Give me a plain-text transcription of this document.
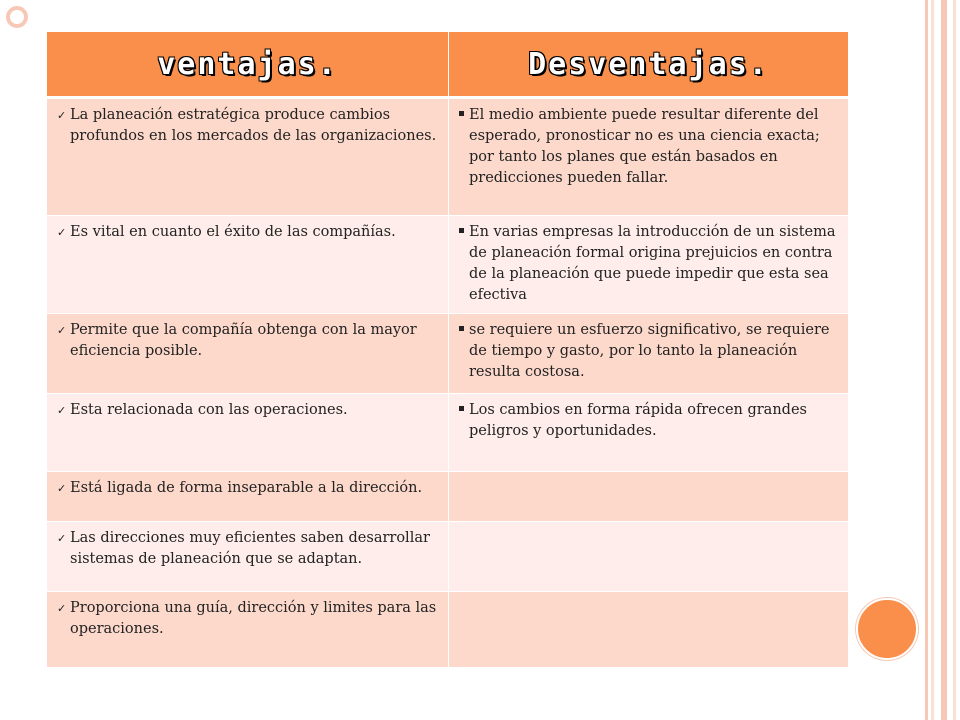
ventajas.	Desventajas.

✓ La planeación estratégica produce cambios profundos en los mercados de las organizaciones.	El medio ambiente puede resultar diferente del esperado, pronosticar no es una ciencia exacta; por tanto los planes que están basados en predicciones pueden fallar.

✓ Es vital en cuanto el éxito de las compañías.	En varias empresas la introducción de un sistema de planeación formal origina prejuicios en contra de la planeación que puede impedir que esta sea efectiva

✓ Permite que la compañía obtenga con la mayor eficiencia posible.	se requiere un esfuerzo significativo, se requiere de tiempo y gasto, por lo tanto la planeación resulta costosa.

✓ Esta relacionada con las operaciones.	Los cambios en forma rápida ofrecen grandes peligros y oportunidades.

✓ Está ligada de forma inseparable a la dirección.	

✓ Las direcciones muy eficientes saben desarrollar sistemas de planeación que se adaptan.	

✓ Proporciona una guía, dirección y limites para las operaciones.	
